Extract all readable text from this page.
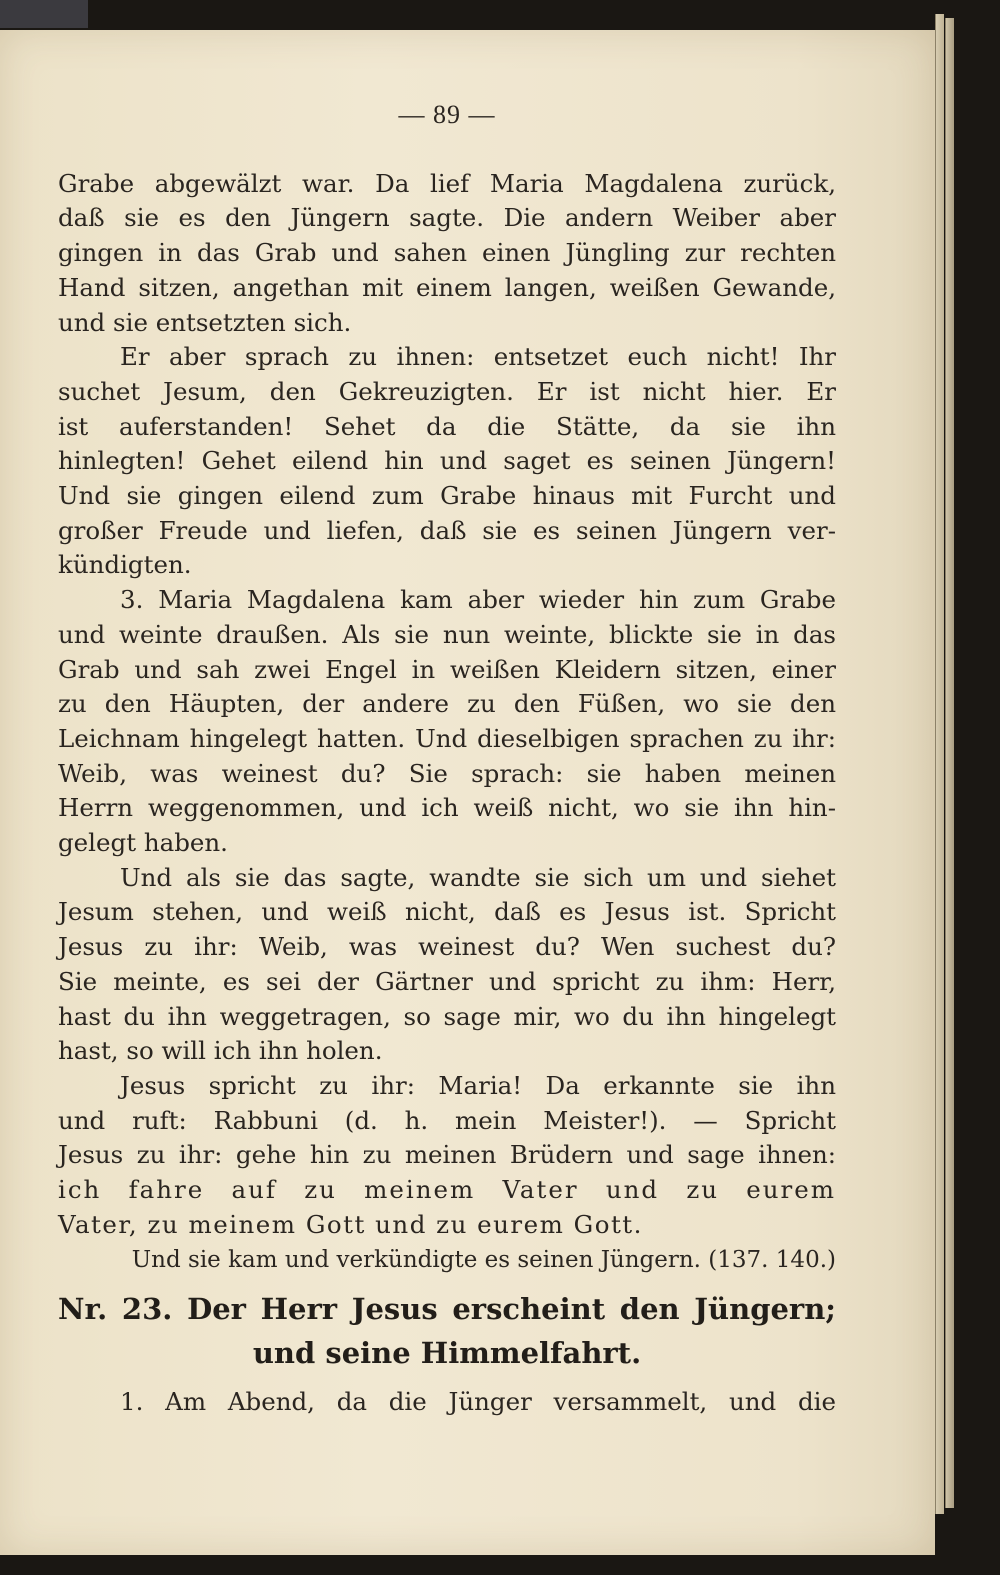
— 89 —
Grabe abgewälzt war. Da lief Maria Magdalena zurück,
daß sie es den Jüngern sagte. Die andern Weiber aber
gingen in das Grab und sahen einen Jüngling zur rechten
Hand sitzen, angethan mit einem langen, weißen Gewande,
und sie entsetzten sich.
Er aber sprach zu ihnen: entsetzet euch nicht! Ihr
suchet Jesum, den Gekreuzigten. Er ist nicht hier. Er
ist auferstanden! Sehet da die Stätte, da sie ihn
hinlegten! Gehet eilend hin und saget es seinen Jüngern!
Und sie gingen eilend zum Grabe hinaus mit Furcht und
großer Freude und liefen, daß sie es seinen Jüngern ver-
kündigten.
3. Maria Magdalena kam aber wieder hin zum Grabe
und weinte draußen. Als sie nun weinte, blickte sie in das
Grab und sah zwei Engel in weißen Kleidern sitzen, einer
zu den Häupten, der andere zu den Füßen, wo sie den
Leichnam hingelegt hatten. Und dieselbigen sprachen zu ihr:
Weib, was weinest du? Sie sprach: sie haben meinen
Herrn weggenommen, und ich weiß nicht, wo sie ihn hin-
gelegt haben.
Und als sie das sagte, wandte sie sich um und siehet
Jesum stehen, und weiß nicht, daß es Jesus ist. Spricht
Jesus zu ihr: Weib, was weinest du? Wen suchest du?
Sie meinte, es sei der Gärtner und spricht zu ihm: Herr,
hast du ihn weggetragen, so sage mir, wo du ihn hingelegt
hast, so will ich ihn holen.
Jesus spricht zu ihr: Maria! Da erkannte sie ihn
und ruft: Rabbuni (d. h. mein Meister!). — Spricht
Jesus zu ihr: gehe hin zu meinen Brüdern und sage ihnen:
ich fahre auf zu meinem Vater und zu eurem
Vater, zu meinem Gott und zu eurem Gott.
Und sie kam und verkündigte es seinen Jüngern. (137. 140.)
Nr. 23. Der Herr Jesus erscheint den Jüngern;
und seine Himmelfahrt.
1. Am Abend, da die Jünger versammelt, und die
